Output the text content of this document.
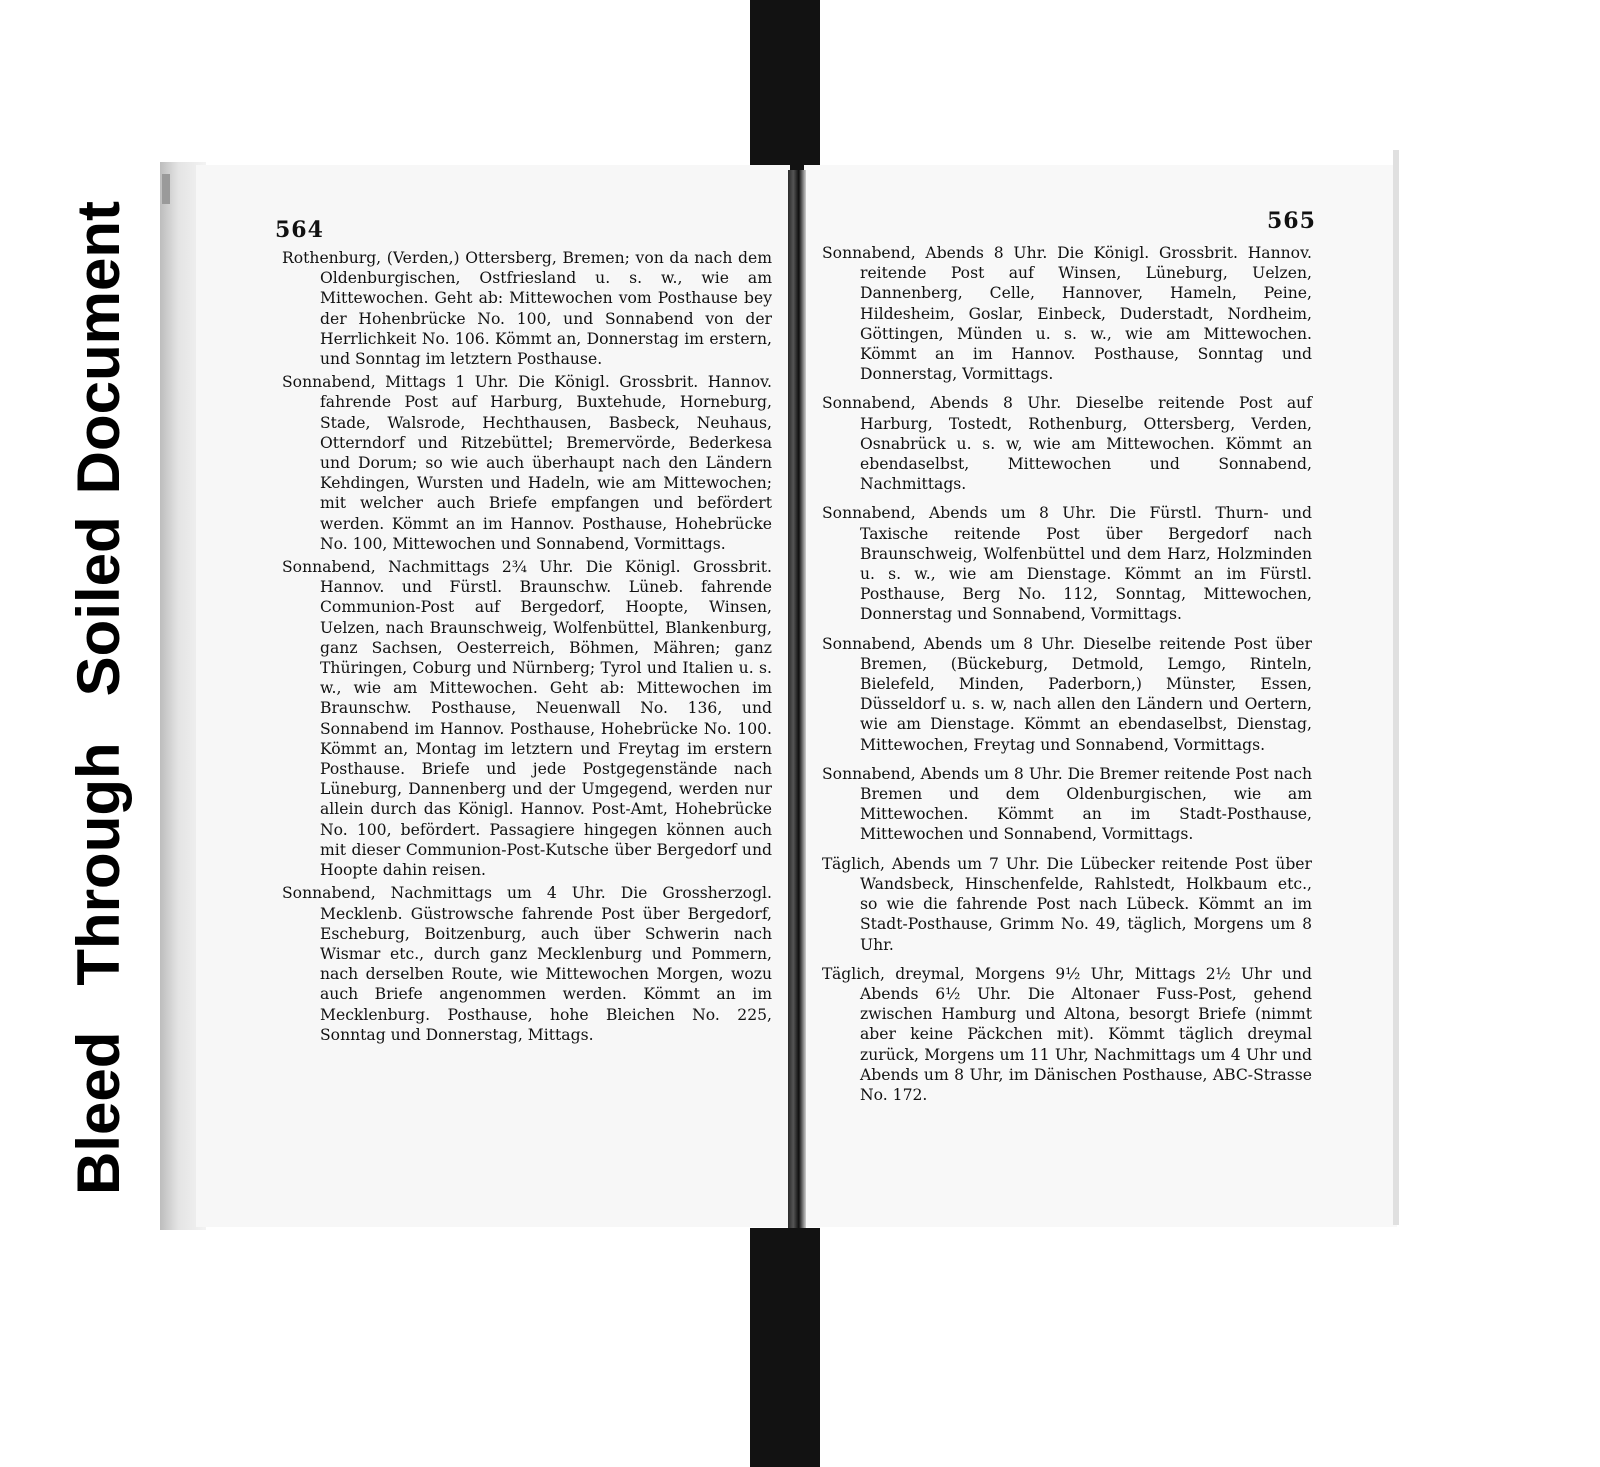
BleedThroughSoiledDocument	564	565

Rothenburg, (Verden,) Ottersberg, Bremen; von da nach dem Oldenburgischen, Ostfriesland u. s. w., wie am Mittewochen. Geht ab: Mittewochen vom Posthause bey der Hohenbrücke No. 100, und Sonnabend von der Herrlichkeit No. 106. Kömmt an, Donnerstag im erstern, und Sonntag im letztern Posthause.

Sonnabend, Mittags 1 Uhr. Die Königl. Grossbrit. Hannov. fahrende Post auf Harburg, Buxtehude, Horneburg, Stade, Walsrode, Hechthausen, Basbeck, Neuhaus, Otterndorf und Ritzebüttel; Bremervörde, Bederkesa und Dorum; so wie auch überhaupt nach den Ländern Kehdingen, Wursten und Hadeln, wie am Mittewochen; mit welcher auch Briefe empfangen und befördert werden. Kömmt an im Hannov. Posthause, Hohebrücke No. 100, Mittewochen und Sonnabend, Vormittags.

Sonnabend, Nachmittags 2¾ Uhr. Die Königl. Grossbrit. Hannov. und Fürstl. Braunschw. Lüneb. fahrende Communion-Post auf Bergedorf, Hoopte, Winsen, Uelzen, nach Braunschweig, Wolfenbüttel, Blankenburg, ganz Sachsen, Oesterreich, Böhmen, Mähren; ganz Thüringen, Coburg und Nürnberg; Tyrol und Italien u. s. w., wie am Mittewochen. Geht ab: Mittewochen im Braunschw. Posthause, Neuenwall No. 136, und Sonnabend im Hannov. Posthause, Hohebrücke No. 100. Kömmt an, Montag im letztern und Freytag im erstern Posthause. Briefe und jede Postgegenstände nach Lüneburg, Dannenberg und der Umgegend, werden nur allein durch das Königl. Hannov. Post-Amt, Hohebrücke No. 100, befördert. Passagiere hingegen können auch mit dieser Communion-Post-Kutsche über Bergedorf und Hoopte dahin reisen.

Sonnabend, Nachmittags um 4 Uhr. Die Grossherzogl. Mecklenb. Güstrowsche fahrende Post über Bergedorf, Escheburg, Boitzenburg, auch über Schwerin nach Wismar etc., durch ganz Mecklenburg und Pommern, nach derselben Route, wie Mittewochen Morgen, wozu auch Briefe angenommen werden. Kömmt an im Mecklenburg. Posthause, hohe Bleichen No. 225, Sonntag und Donnerstag, Mittags.

Sonnabend, Abends 8 Uhr. Die Königl. Grossbrit. Hannov. reitende Post auf Winsen, Lüneburg, Uelzen, Dannenberg, Celle, Hannover, Hameln, Peine, Hildesheim, Goslar, Einbeck, Duderstadt, Nordheim, Göttingen, Münden u. s. w., wie am Mittewochen. Kömmt an im Hannov. Posthause, Sonntag und Donnerstag, Vormittags.

Sonnabend, Abends 8 Uhr. Dieselbe reitende Post auf Harburg, Tostedt, Rothenburg, Ottersberg, Verden, Osnabrück u. s. w, wie am Mittewochen. Kömmt an ebendaselbst, Mittewochen und Sonnabend, Nachmittags.

Sonnabend, Abends um 8 Uhr. Die Fürstl. Thurn- und Taxische reitende Post über Bergedorf nach Braunschweig, Wolfenbüttel und dem Harz, Holzminden u. s. w., wie am Dienstage. Kömmt an im Fürstl. Posthause, Berg No. 112, Sonntag, Mittewochen, Donnerstag und Sonnabend, Vormittags.

Sonnabend, Abends um 8 Uhr. Dieselbe reitende Post über Bremen, (Bückeburg, Detmold, Lemgo, Rinteln, Bielefeld, Minden, Paderborn,) Münster, Essen, Düsseldorf u. s. w, nach allen den Ländern und Oertern, wie am Dienstage. Kömmt an ebendaselbst, Dienstag, Mittewochen, Freytag und Sonnabend, Vormittags.

Sonnabend, Abends um 8 Uhr. Die Bremer reitende Post nach Bremen und dem Oldenburgischen, wie am Mittewochen. Kömmt an im Stadt-Posthause, Mittewochen und Sonnabend, Vormittags.

Täglich, Abends um 7 Uhr. Die Lübecker reitende Post über Wandsbeck, Hinschenfelde, Rahlstedt, Holkbaum etc., so wie die fahrende Post nach Lübeck. Kömmt an im Stadt-Posthause, Grimm No. 49, täglich, Morgens um 8 Uhr.

Täglich, dreymal, Morgens 9½ Uhr, Mittags 2½ Uhr und Abends 6½ Uhr. Die Altonaer Fuss-Post, gehend zwischen Hamburg und Altona, besorgt Briefe (nimmt aber keine Päckchen mit). Kömmt täglich dreymal zurück, Morgens um 11 Uhr, Nachmittags um 4 Uhr und Abends um 8 Uhr, im Dänischen Posthause, ABC-Strasse No. 172.
